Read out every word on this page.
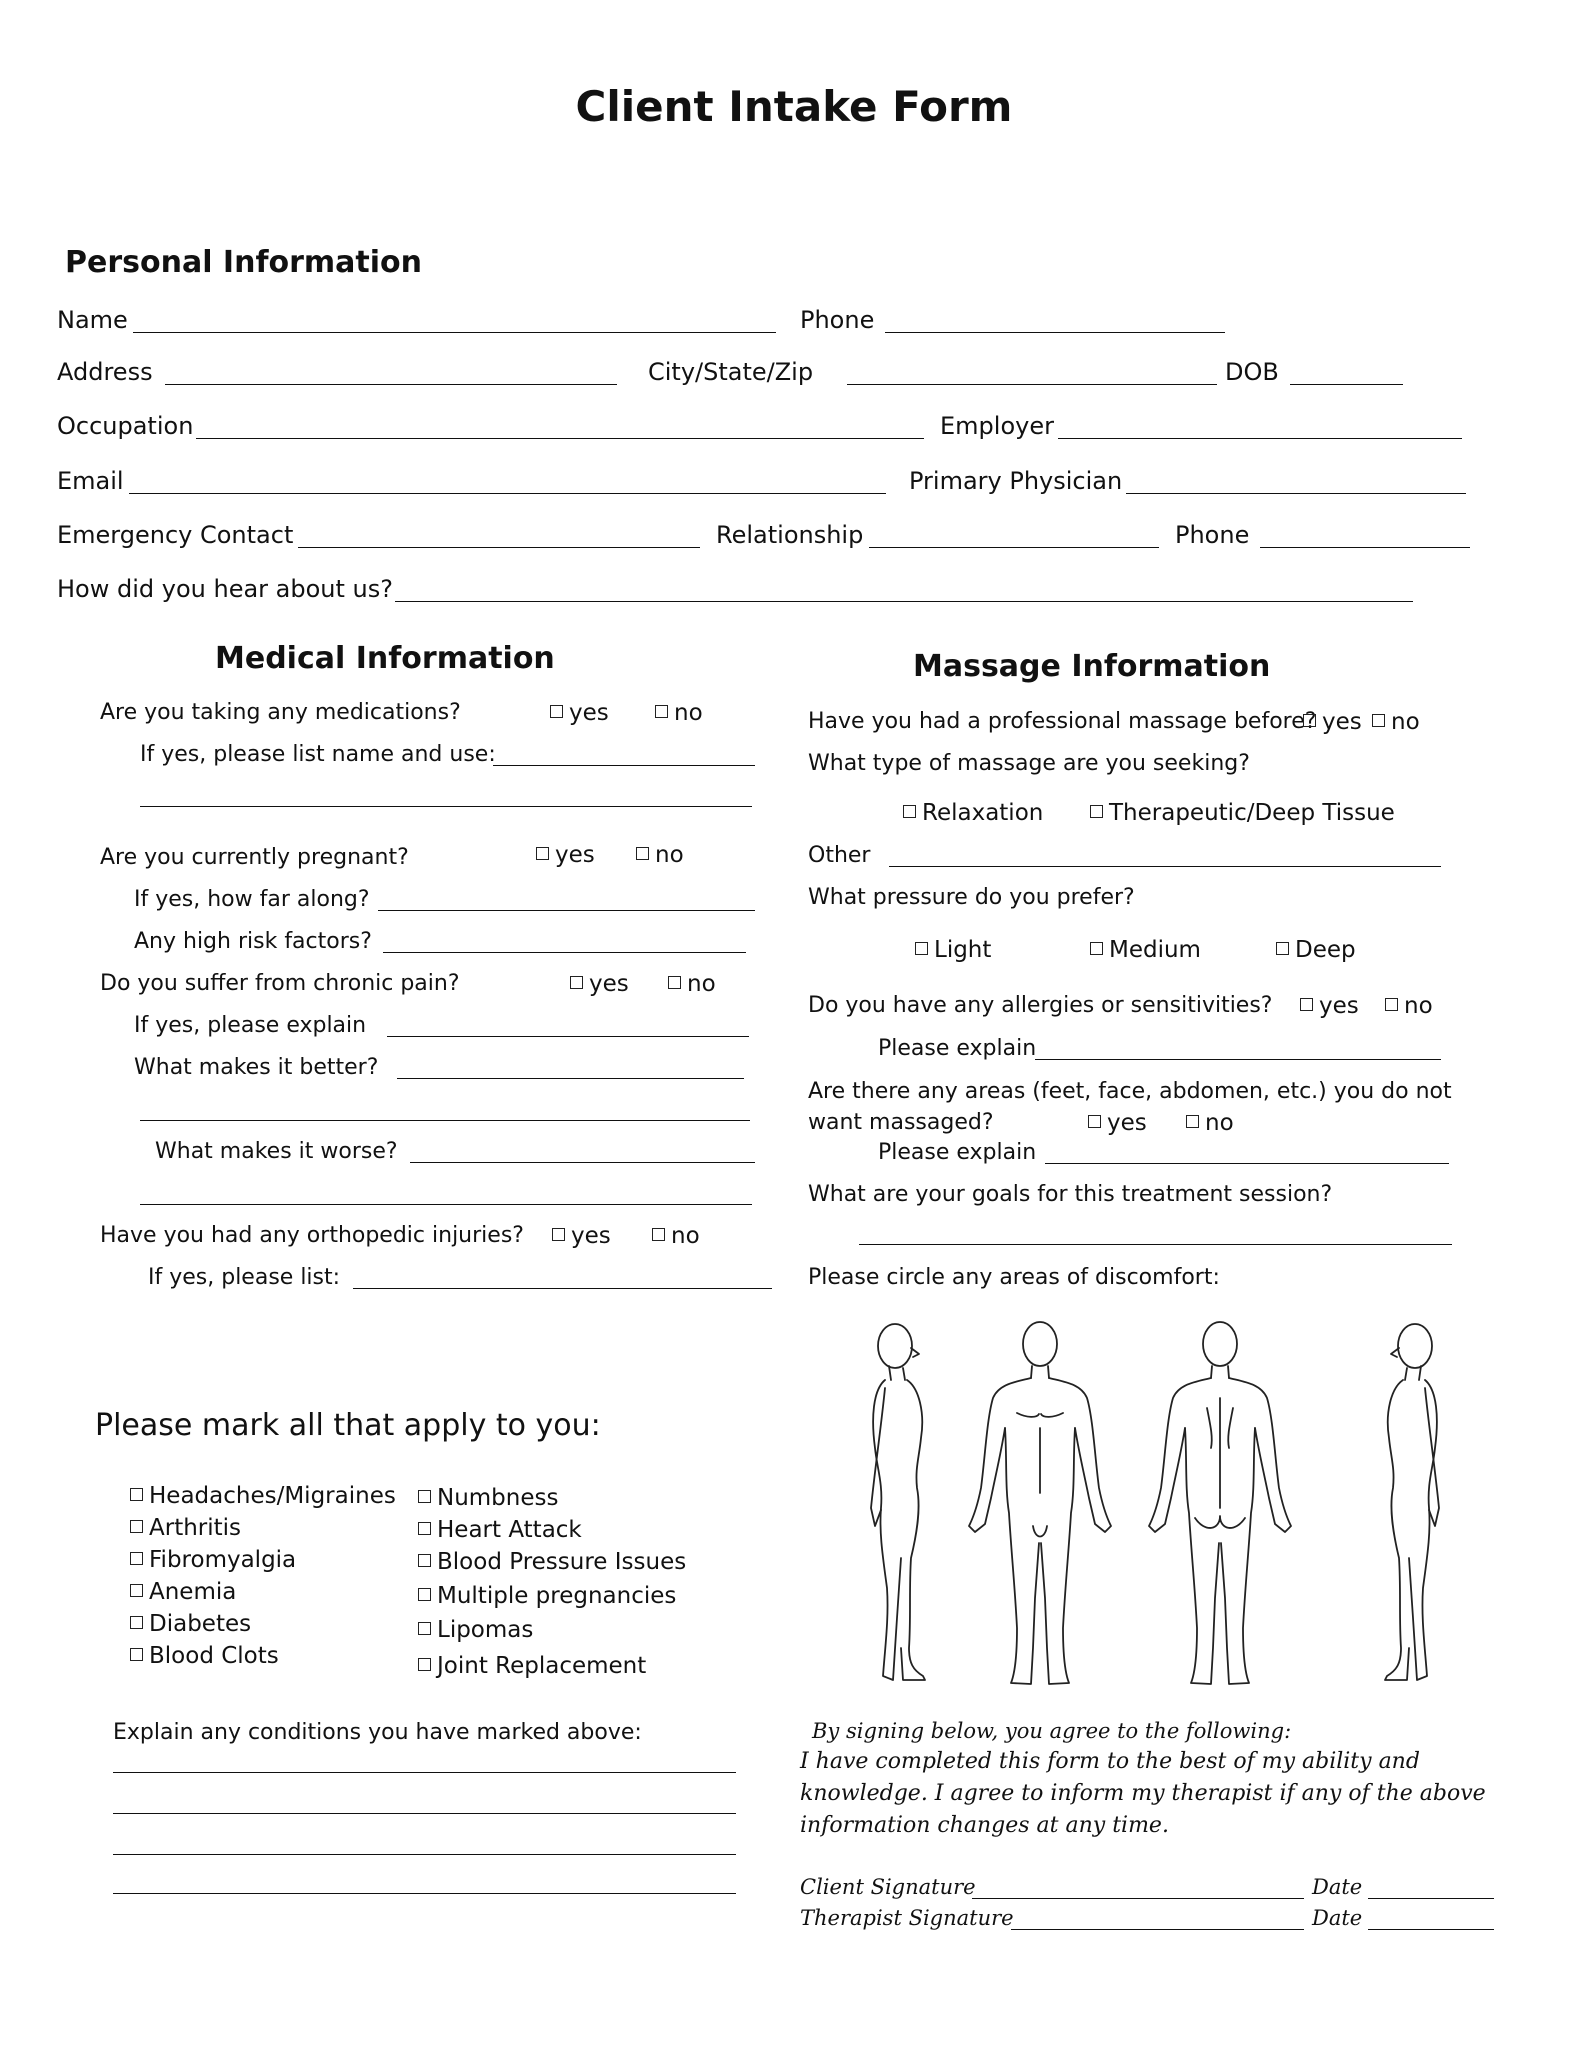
Client Intake Form
Personal Information
Name	Phone
Address	City/State/Zip	DOB
Occupation	Employer
Email	Primary Physician
Emergency Contact	Relationship	Phone
How did you hear about us?
Medical Information
Are you taking any medications?	yes	no
If yes, please list name and use:
Are you currently pregnant?	yes	no
If yes, how far along?
Any high risk factors?
Do you suffer from chronic pain?	yes	no
If yes, please explain
What makes it better?
What makes it worse?
Have you had any orthopedic injuries?	yes	no
If yes, please list:
Massage Information
Have you had a professional massage before? yes	no
What type of massage are you seeking?
Relaxation	Therapeutic/Deep Tissue
Other
What pressure do you prefer?
Light	Medium	Deep
Do you have any allergies or sensitivities?	yes	no
Please explain
Are there any areas (feet, face, abdomen, etc.) you do not
want massaged?	yes	no
Please explain
What are your goals for this treatment session?
Please circle any areas of discomfort:
Please mark all that apply to you:
Headaches/Migraines
Arthritis
Fibromyalgia
Anemia
Diabetes
Blood Clots
Numbness
Heart Attack
Blood Pressure Issues
Multiple pregnancies
Lipomas
Joint Replacement
Explain any conditions you have marked above:	By signing below, you agree to the following:
I have completed this form to the best of my ability and knowledge. I agree to inform my therapist if any of the above information changes at any time.
Client Signature	Date
Therapist Signature	Date
